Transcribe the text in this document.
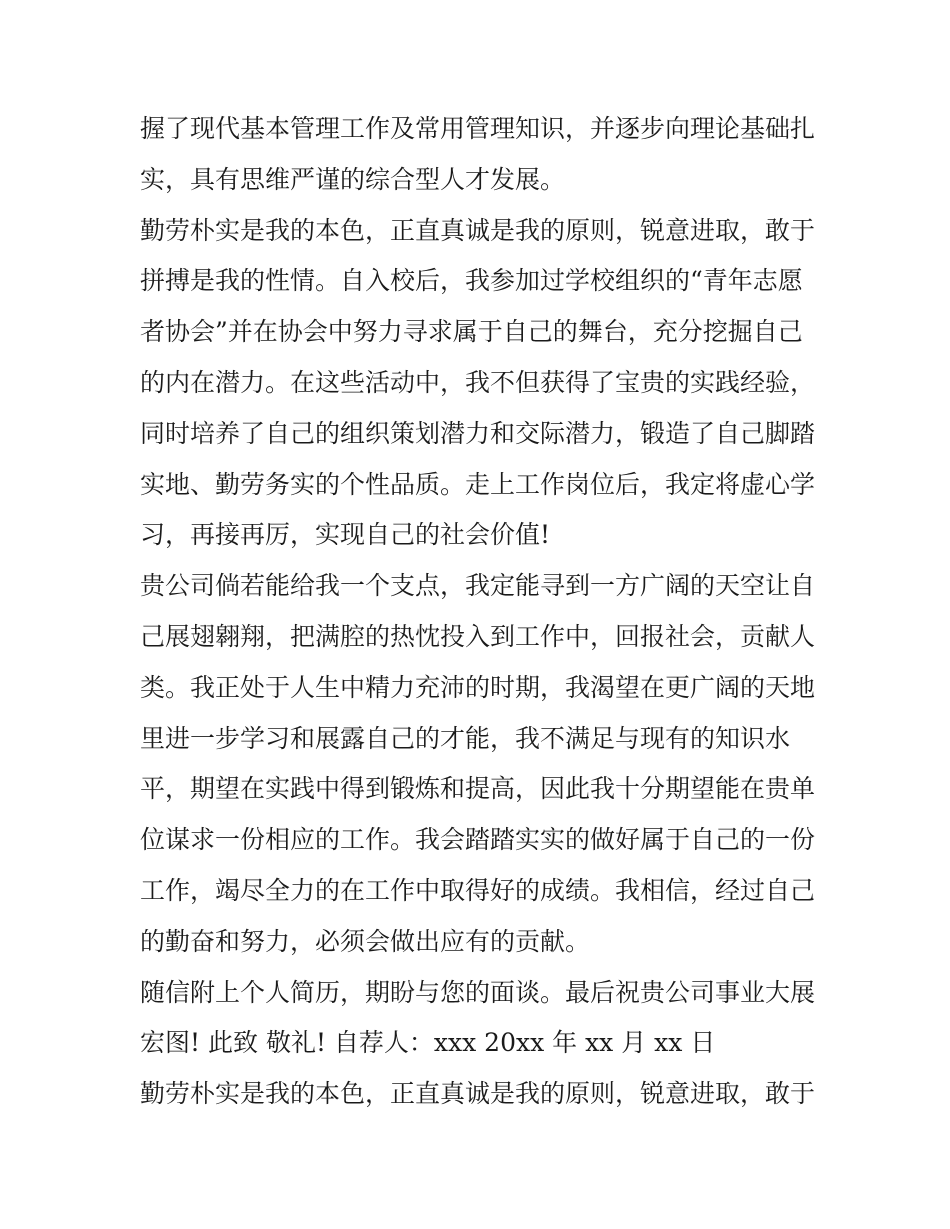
握了现代基本管理工作及常用管理知识，并逐步向理论基础扎
实，具有思维严谨的综合型人才发展。
勤劳朴实是我的本色，正直真诚是我的原则，锐意进取，敢于
拼搏是我的性情。自入校后，我参加过学校组织的“青年志愿
者协会”并在协会中努力寻求属于自己的舞台，充分挖掘自己
的内在潜力。在这些活动中，我不但获得了宝贵的实践经验，
同时培养了自己的组织策划潜力和交际潜力，锻造了自己脚踏
实地、勤劳务实的个性品质。走上工作岗位后，我定将虚心学
习，再接再厉，实现自己的社会价值!
贵公司倘若能给我一个支点，我定能寻到一方广阔的天空让自
己展翅翱翔，把满腔的热忱投入到工作中，回报社会，贡献人
类。我正处于人生中精力充沛的时期，我渴望在更广阔的天地
里进一步学习和展露自己的才能，我不满足与现有的知识水
平，期望在实践中得到锻炼和提高，因此我十分期望能在贵单
位谋求一份相应的工作。我会踏踏实实的做好属于自己的一份
工作，竭尽全力的在工作中取得好的成绩。我相信，经过自己
的勤奋和努力，必须会做出应有的贡献。
随信附上个人简历，期盼与您的面谈。最后祝贵公司事业大展
宏图! 此致 敬礼! 自荐人：xxx 20xx 年 xx 月 xx 日
勤劳朴实是我的本色，正直真诚是我的原则，锐意进取，敢于
